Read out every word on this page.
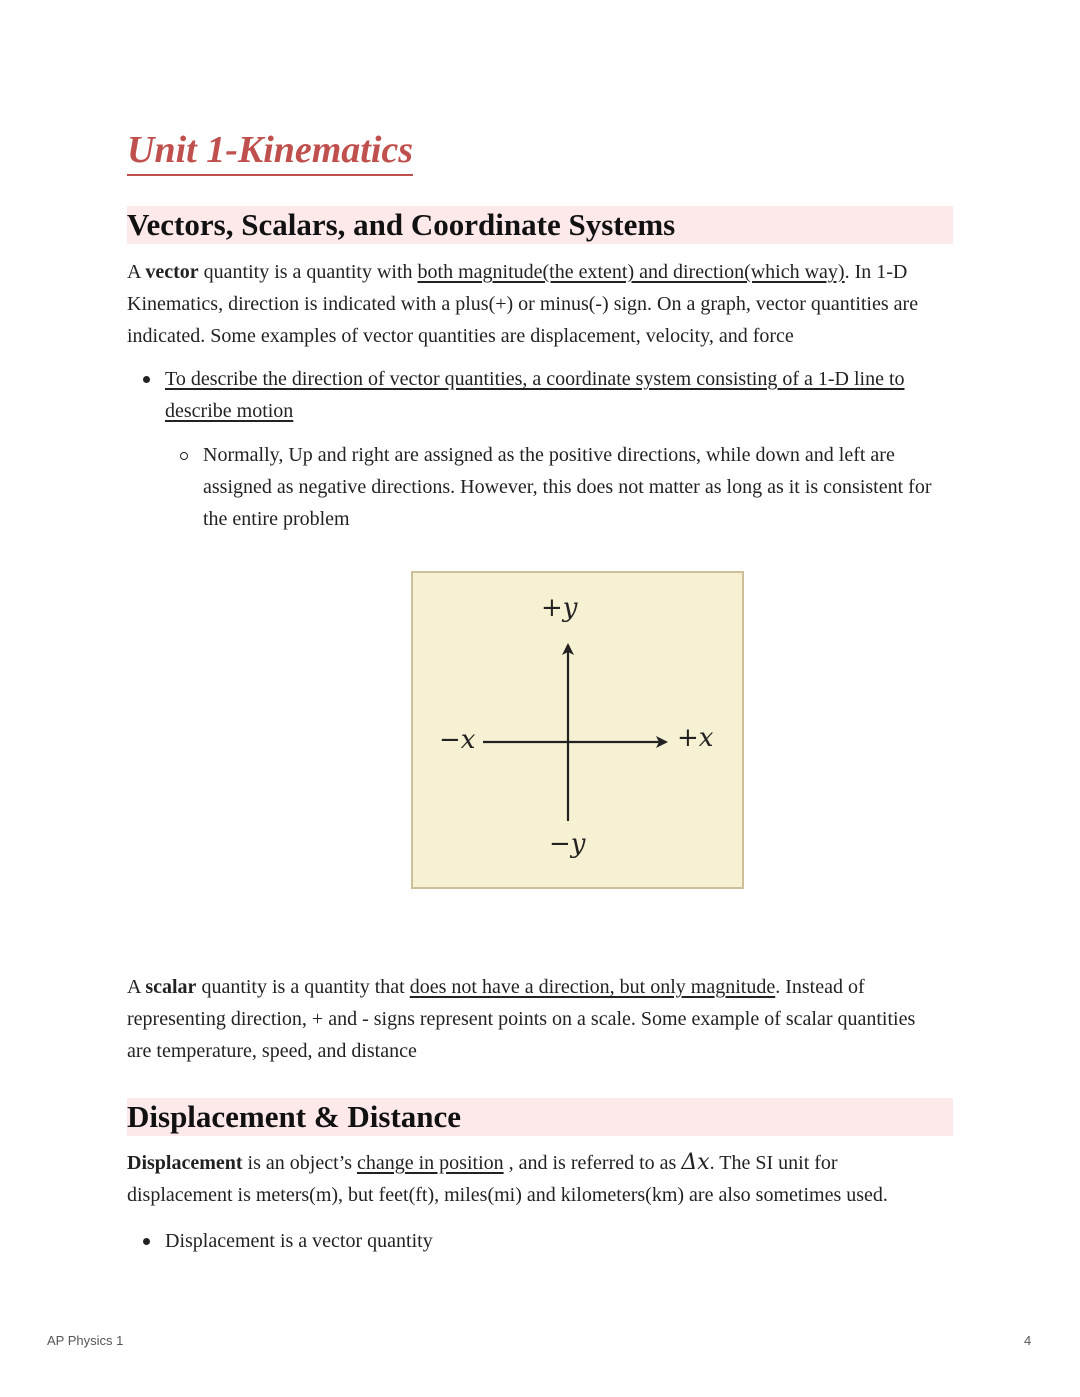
Unit 1-Kinematics
Vectors, Scalars, and Coordinate Systems

A vector quantity is a quantity with both magnitude(the extent) and direction(which way). In 1-D Kinematics, direction is indicated with a plus(+) or minus(-) sign. On a graph, vector quantities are indicated. Some examples of vector quantities are displacement, velocity, and force

To describe the direction of vector quantities, a coordinate system consisting of a 1-D line to describe motion

Normally, Up and right are assigned as the positive directions, while down and left are assigned as negative directions. However, this does not matter as long as it is consistent for the entire problem

+y
−y
+x
−x

A scalar quantity is a quantity that does not have a direction, but only magnitude. Instead of representing direction, + and - signs represent points on a scale. Some example of scalar quantities are temperature, speed, and distance

Displacement & Distance

Displacement is an object’s change in position , and is referred to as Δx. The SI unit for displacement is meters(m), but feet(ft), miles(mi) and kilometers(km) are also sometimes used.

Displacement is a vector quantity

AP Physics 1	4
